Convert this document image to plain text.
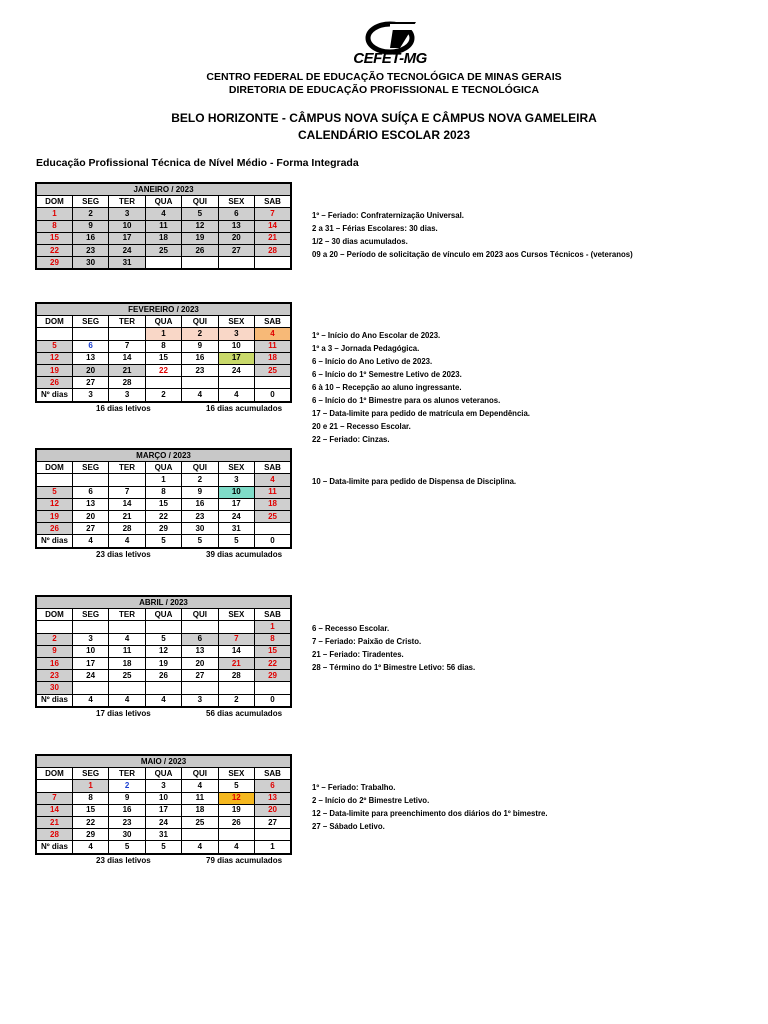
CEFET-MG
CENTRO FEDERAL DE EDUCAÇÃO TECNOLÓGICA DE MINAS GERAIS
DIRETORIA DE EDUCAÇÃO PROFISSIONAL E TECNOLÓGICA
BELO HORIZONTE - CÂMPUS NOVA SUÍÇA E CÂMPUS NOVA GAMELEIRA
CALENDÁRIO ESCOLAR 2023
Educação Profissional Técnica de Nível Médio - Forma Integrada
JANEIRO / 2023						
DOM	SEG	TER	QUA	QUI	SEX	SAB
1	2	3	4	5	6	7
8	9	10	11	12	13	14
15	16	17	18	19	20	21
22	23	24	25	26	27	28
29	30	31				
1º – Feriado: Confraternização Universal.
2 a 31 – Férias Escolares: 30 dias.
1/2 – 30 dias acumulados.
09 a 20 – Período de solicitação de vínculo em 2023 aos Cursos Técnicos - (veteranos)
FEVEREIRO / 2023						
DOM	SEG	TER	QUA	QUI	SEX	SAB
			1	2	3	4
5	6	7	8	9	10	11
12	13	14	15	16	17	18
19	20	21	22	23	24	25
26	27	28				
Nº dias	3	3	2	4	4	0
16 dias letivos	16 dias acumulados
1º – Início do Ano Escolar de 2023.
1º a 3 – Jornada Pedagógica.
6 – Início do Ano Letivo de 2023.
6 – Início do 1º Semestre Letivo de 2023.
6 à 10 – Recepção ao aluno ingressante.
6 – Início do 1º Bimestre para os alunos veteranos.
17 – Data-limite para pedido de matrícula em Dependência.
20 e 21 – Recesso Escolar.
22 – Feriado: Cinzas.
MARÇO / 2023						
DOM	SEG	TER	QUA	QUI	SEX	SAB
			1	2	3	4
5	6	7	8	9	10	11
12	13	14	15	16	17	18
19	20	21	22	23	24	25
26	27	28	29	30	31	
Nº dias	4	4	5	5	5	0
23 dias letivos	39 dias acumulados
10 – Data-limite para pedido de Dispensa de Disciplina.
ABRIL / 2023						
DOM	SEG	TER	QUA	QUI	SEX	SAB
						1
2	3	4	5	6	7	8
9	10	11	12	13	14	15
16	17	18	19	20	21	22
23	24	25	26	27	28	29
30						
Nº dias	4	4	4	3	2	0
17 dias letivos	56 dias acumulados
6 – Recesso Escolar.
7 – Feriado: Paixão de Cristo.
21 – Feriado: Tiradentes.
28 – Término do 1º Bimestre Letivo: 56 dias.
MAIO / 2023						
DOM	SEG	TER	QUA	QUI	SEX	SAB
	1	2	3	4	5	6
7	8	9	10	11	12	13
14	15	16	17	18	19	20
21	22	23	24	25	26	27
28	29	30	31			
Nº dias	4	5	5	4	4	1
23 dias letivos	79 dias acumulados
1º – Feriado: Trabalho.
2 – Início do 2º Bimestre Letivo.
12 – Data-limite para preenchimento dos diários do 1º bimestre.
27 – Sábado Letivo.
